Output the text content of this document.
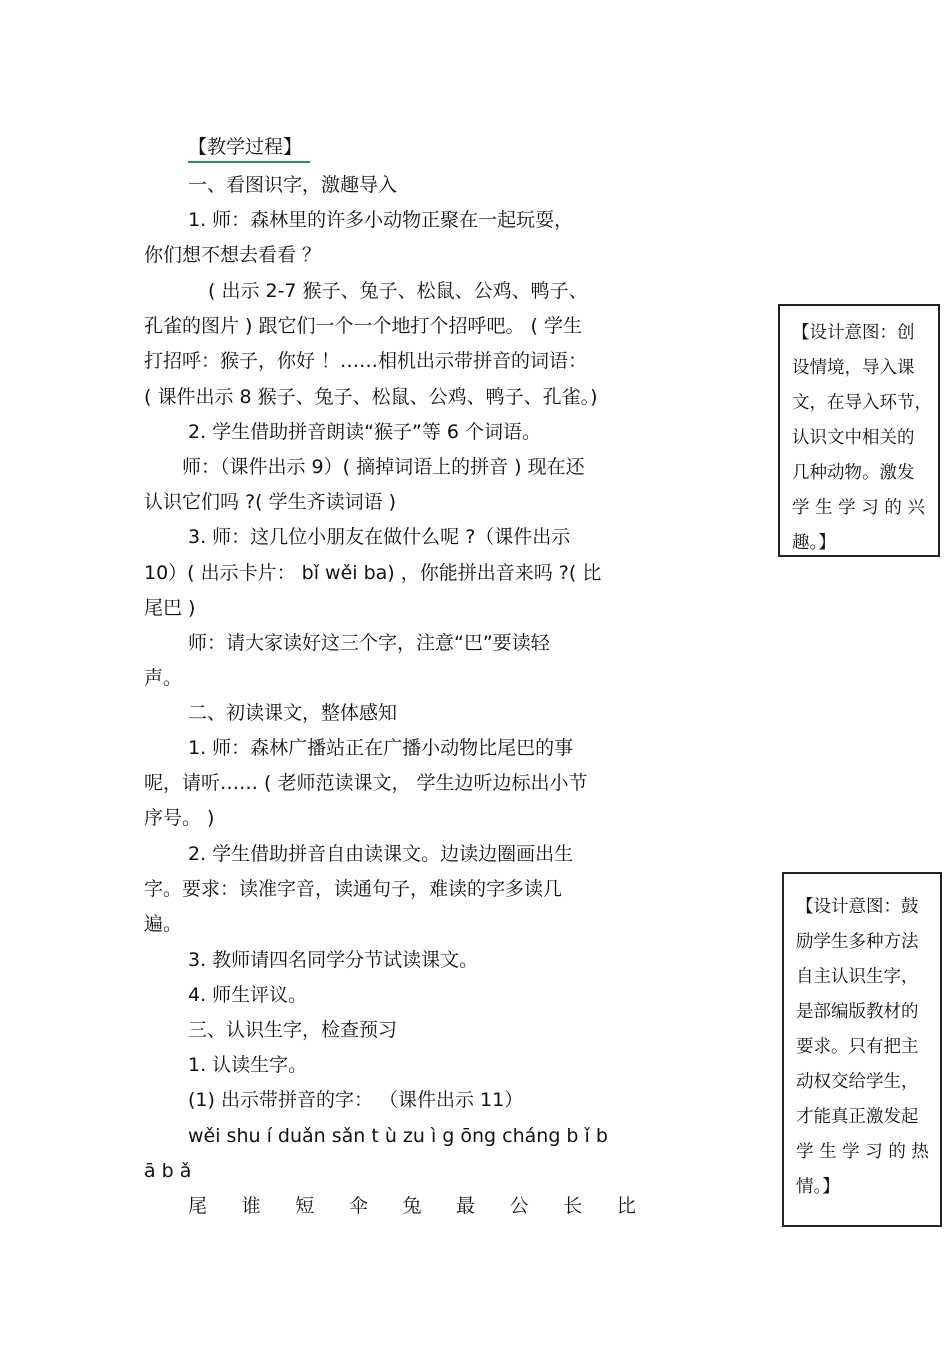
【教学过程】
一、看图识字，激趣导入
1. 师：森林里的许多小动物正聚在一起玩耍，
你们想不想去看看 ？
( 出示 2-7 猴子、兔子、松鼠、公鸡、鸭子、
孔雀的图片 ) 跟它们一个一个地打个招呼吧。 ( 学生
打招呼：猴子，你好 ！……相机出示带拼音的词语：
( 课件出示 8 猴子、兔子、松鼠、公鸡、鸭子、孔雀。)
2. 学生借助拼音朗读“猴子”等 6 个词语。
师：（课件出示 9）( 摘掉词语上的拼音 ) 现在还
认识它们吗 ?( 学生齐读词语 )
3. 师：这几位小朋友在做什么呢 ?（课件出示
10）( 出示卡片： bǐ wěi ba) ，你能拼出音来吗 ?( 比
尾巴 )
师：请大家读好这三个字，注意“巴”要读轻
声。
二、初读课文，整体感知
1. 师：森林广播站正在广播小动物比尾巴的事
呢，请听…… ( 老师范读课文， 学生边听边标出小节
序号。 )
2. 学生借助拼音自由读课文。边读边圈画出生
字。要求：读准字音，读通句子，难读的字多读几
遍。
3. 教师请四名同学分节试读课文。
4. 师生评议。
三、认识生字，检查预习
1. 认读生字。
(1) 出示带拼音的字： （课件出示 11）
wěi shu í duǎn sǎn t ù zu ì g ōng cháng b ǐ b
ā b ǎ
尾 谁 短 伞 兔 最 公 长 比
【设计意图：创
设情境，导入课
文，在导入环节，
认识文中相关的
几种动物。激发
学 生 学 习 的 兴
趣。】
【设计意图：鼓
励学生多种方法
自主认识生字，
是部编版教材的
要求。只有把主
动权交给学生，
才能真正激发起
学 生 学 习 的 热
情。】
